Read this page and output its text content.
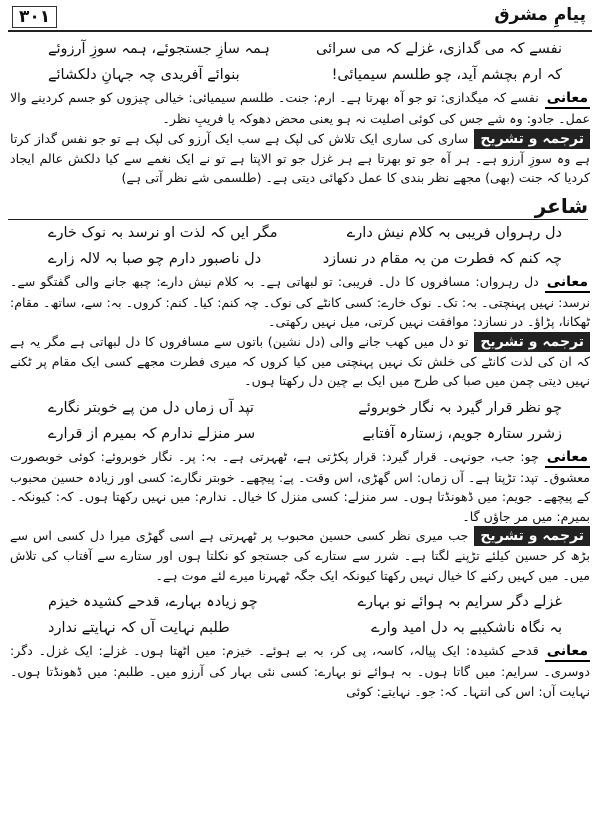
۳۰۱	پیامِ مشرق
نفسے کہ می گدازی، غزلے کہ می سرائی
ہمہ سازِ جستجوئے، ہمہ سوزِ آرزوئے
کہ ارم بچشم آید، چو طلسم سیمیائی!
بنوائے آفریدی چہ جہانِ دلکشائے

معانینفسے کہ میگدازی: تو جو آہ بھرتا ہے۔ ارم: جنت۔ طلسم سیمیائی: خیالی چیزوں کو جسم کردینے والا عمل۔ جادو: وہ شے جس کی کوئی اصلیت نہ ہو یعنی محض دھوکہ یا فریبِ نظر۔

ترجمہ و تشریحساری کی ساری ایک تلاش کی لپک ہے سب ایک آرزو کی لپک ہے تو جو نفس گداز کرتا ہے وہ سوزِ آرزو ہے۔ ہر آہ جو تو بھرتا ہے ہر غزل جو تو الاپتا ہے تو نے ایک نغمے سے کیا دلکش عالم ایجاد کردیا کہ جنت (بھی) مجھے نظر بندی کا عمل دکھائی دیتی ہے۔ (طلسمی شے نظر آتی ہے)

شاعر
دل رہرواں فریبی بہ کلام نیش دارے
مگر ایں کہ لذت او نرسد بہ نوک خارے
چہ کنم کہ فطرت من بہ مقام در نسازد
دل ناصبور دارم چو صبا بہ لالہ زارے

معانیدل رہرواں: مسافروں کا دل۔ فریبی: تو لبھاتی ہے۔ بہ کلام نیش دارے: چبھ جانے والی گفتگو سے۔ نرسد: نہیں پہنچتی۔ بہ: تک۔ نوک خارے: کسی کانٹے کی نوک۔ چہ کنم: کیا۔ کنم: کروں۔ بہ: سے، ساتھ۔ مقام: ٹھکانا، پڑاؤ۔ در نسازد: موافقت نہیں کرتی، میل نہیں رکھتی۔

ترجمہ و تشریحتو دل میں کھب جانے والی (دل نشین) باتوں سے مسافروں کا دل لبھاتی ہے مگر یہ ہے کہ ان کی لذت کانٹے کی خلش تک نہیں پہنچتی میں کیا کروں کہ میری فطرت مجھے کسی ایک مقام پر ٹکنے نہیں دیتی چمن میں صبا کی طرح میں ایک بے چین دل رکھتا ہوں۔

چو نظر قرار گیرد بہ نگار خوبروئے
تپد آں زماں دل من پے خوبتر نگارے
زشرر ستارہ جویم، زستارہ آفتابے
سر منزلے ندارم کہ بمیرم از قرارے

معانیچو: جب، جونہی۔ قرار گیرد: قرار پکڑتی ہے، ٹھہرتی ہے۔ بہ: پر۔ نگار خوبروئے: کوئی خوبصورت معشوق۔ تپد: تڑپتا ہے۔ آں زماں: اس گھڑی، اس وقت۔ پے: پیچھے۔ خوبتر نگارے: کسی اور زیادہ حسین محبوب کے پیچھے۔ جویم: میں ڈھونڈتا ہوں۔ سر منزلے: کسی منزل کا خیال۔ ندارم: میں نہیں رکھتا ہوں۔ کہ: کیونکہ۔ بمیرم: میں مر جاؤں گا۔

ترجمہ و تشریحجب میری نظر کسی حسین محبوب پر ٹھہرتی ہے اسی گھڑی میرا دل کسی اس سے بڑھ کر حسین کیلئے تڑپنے لگتا ہے۔ شرر سے ستارے کی جستجو کو نکلتا ہوں اور ستارے سے آفتاب کی تلاش میں۔ میں کہیں رکنے کا خیال نہیں رکھتا کیونکہ ایک جگہ ٹھہرنا میرے لئے موت ہے۔

غزلے دگر سرایم بہ ہوائے نو بہارے
چو زیادہ بہارے، قدحے کشیدہ خیزم
بہ نگاہ ناشکیبے بہ دل امید وارے
طلبم نہایت آں کہ نہایتے ندارد

معانیقدحے کشیدہ: ایک پیالہ، کاسہ، پی کر، بہ بے ہوئے۔ خیزم: میں اٹھتا ہوں۔ غزلے: ایک غزل۔ دگر: دوسری۔ سرایم: میں گاتا ہوں۔ بہ ہوائے نو بہارے: کسی نئی بہار کی آرزو میں۔ طلبم: میں ڈھونڈتا ہوں۔ نہایت آں: اس کی انتہا۔ کہ: جو۔ نہایتے: کوئی
